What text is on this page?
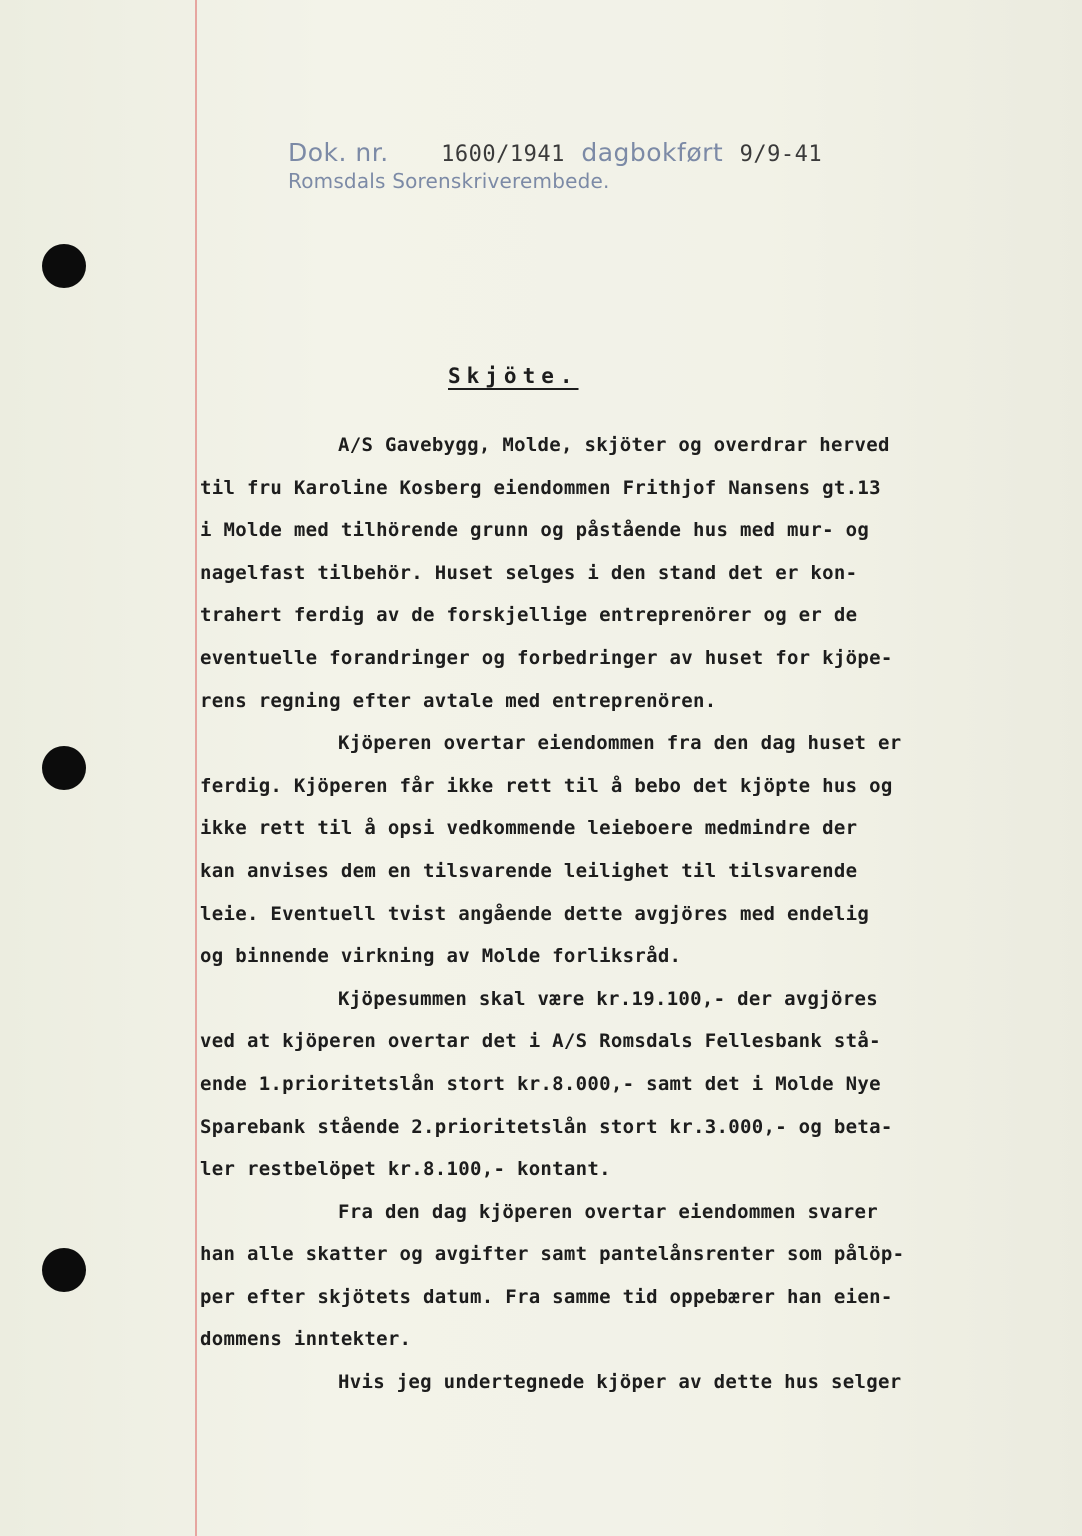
Dok. nr. 1600/1941 dagbokført 9/9-41
Romsdals Sorenskriverembede.
Skjöte.
A/S Gavebygg, Molde, skjöter og overdrar herved
til fru Karoline Kosberg eiendommen Frithjof Nansens gt.13
i Molde med tilhörende grunn og påstående hus med mur- og
nagelfast tilbehör. Huset selges i den stand det er kon-
trahert ferdig av de forskjellige entreprenörer og er de
eventuelle forandringer og forbedringer av huset for kjöpe-
rens regning efter avtale med entreprenören.
Kjöperen overtar eiendommen fra den dag huset er
ferdig. Kjöperen får ikke rett til å bebo det kjöpte hus og
ikke rett til å opsi vedkommende leieboere medmindre der
kan anvises dem en tilsvarende leilighet til tilsvarende
leie. Eventuell tvist angående dette avgjöres med endelig
og binnende virkning av Molde forliksråd.
Kjöpesummen skal være kr.19.100,- der avgjöres
ved at kjöperen overtar det i A/S Romsdals Fellesbank stå-
ende 1.prioritetslån stort kr.8.000,- samt det i Molde Nye
Sparebank stående 2.prioritetslån stort kr.3.000,- og beta-
ler restbelöpet kr.8.100,- kontant.
Fra den dag kjöperen overtar eiendommen svarer
han alle skatter og avgifter samt pantelånsrenter som pålöp-
per efter skjötets datum. Fra samme tid oppebærer han eien-
dommens inntekter.
Hvis jeg undertegnede kjöper av dette hus selger
